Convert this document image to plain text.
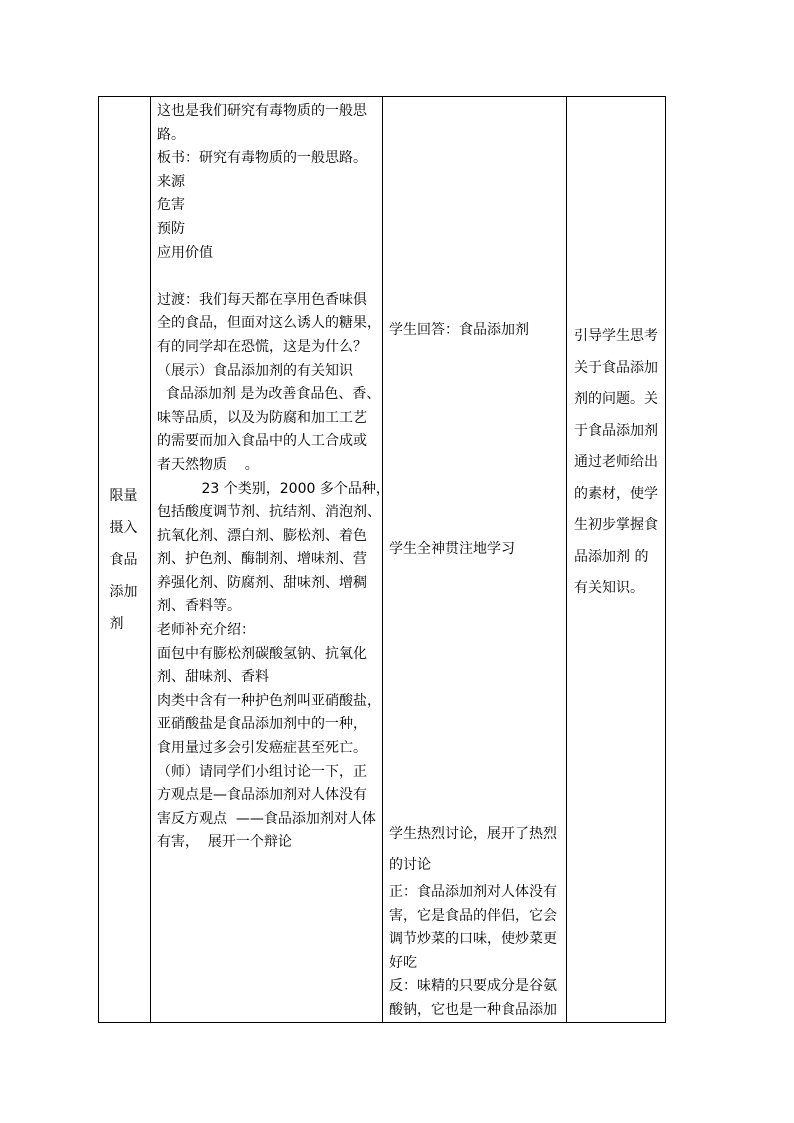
限量摄入食品添加剂
这也是我们研究有毒物质的一般思
路。
板书：研究有毒物质的一般思路。
来源
危害
预防
应用价值
过渡：我们每天都在享用色香味俱
全的食品，但面对这么诱人的糖果，
有的同学却在恐慌，这是为什么？
（展示）食品添加剂的有关知识
食品添加剂 是为改善食品色、香、
味等品质，以及为防腐和加工工艺
的需要而加入食品中的人工合成或
者天然物质    。
23 个类别，2000 多个品种，
包括酸度调节剂、抗结剂、消泡剂、
抗氧化剂、漂白剂、膨松剂、着色
剂、护色剂、酶制剂、增味剂、营
养强化剂、防腐剂、甜味剂、增稠
剂、香料等。
老师补充介绍：
面包中有膨松剂碳酸氢钠、抗氧化
剂、甜味剂、香料
肉类中含有一种护色剂叫亚硝酸盐，
亚硝酸盐是食品添加剂中的一种，
食用量过多会引发癌症甚至死亡。
（师）请同学们小组讨论一下，正
方观点是—食品添加剂对人体没有
害反方观点  ——食品添加剂对人体
有害，  展开一个辩论
学生回答：食品添加剂
学生全神贯注地学习
学生热烈讨论，展开了热烈
的讨论
正：食品添加剂对人体没有
害，它是食品的伴侣，它会
调节炒菜的口味，使炒菜更
好吃
反：味精的只要成分是谷氨
酸钠，它也是一种食品添加
引导学生思考
关于食品添加
剂的问题。关
于食品添加剂
通过老师给出
的素材，使学
生初步掌握食
品添加剂 的
有关知识。
